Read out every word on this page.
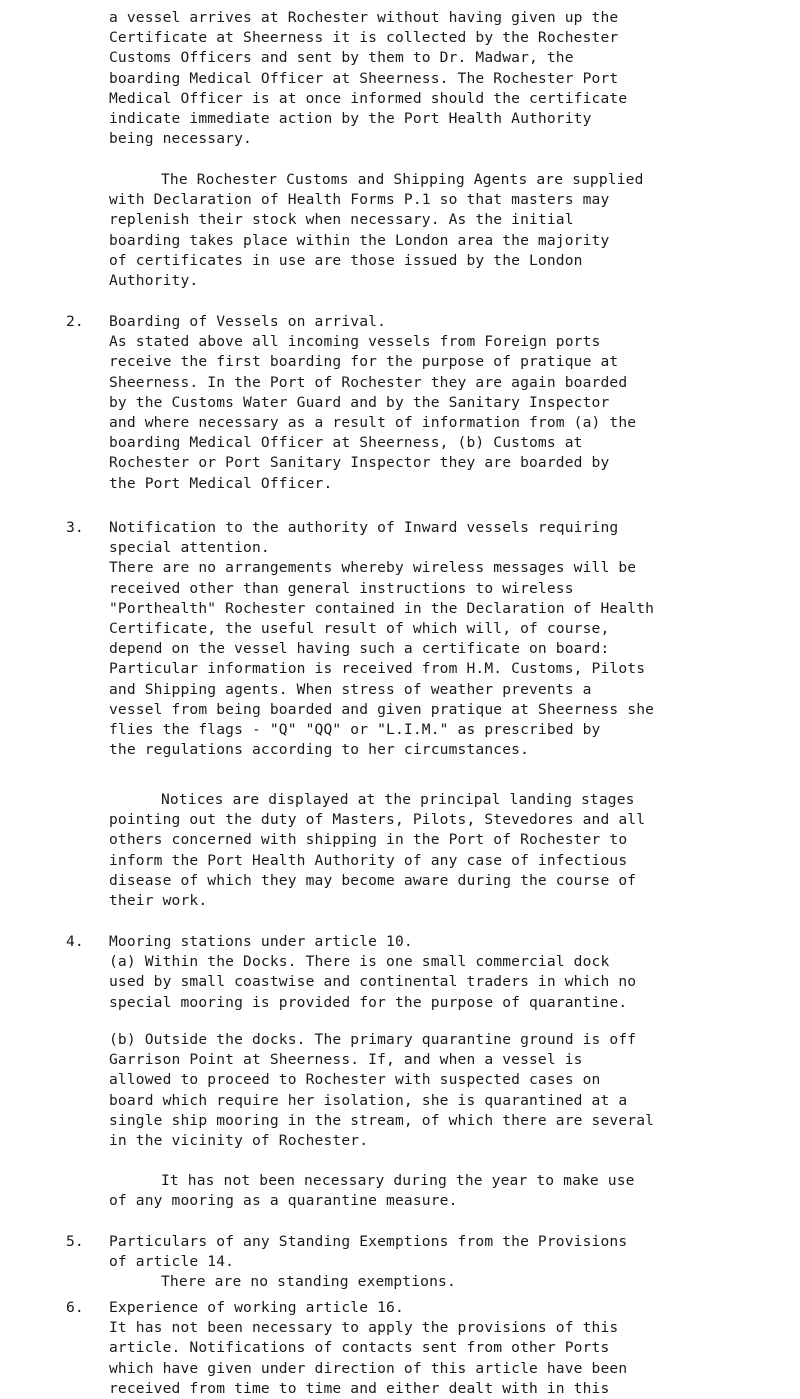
a vessel arrives at Rochester without having given up the
Certificate at Sheerness it is collected by the Rochester
Customs Officers and sent by them to Dr. Madwar, the
boarding Medical Officer at Sheerness. The Rochester Port
Medical Officer is at once informed should the certificate
indicate immediate action by the Port Health Authority
being necessary.

The Rochester Customs and Shipping Agents are supplied
with Declaration of Health Forms P.1 so that masters may
replenish their stock when necessary. As the initial
boarding takes place within the London area the majority
of certificates in use are those issued by the London
Authority.

2.	Boarding of Vessels on arrival.
As stated above all incoming vessels from Foreign ports
receive the first boarding for the purpose of pratique at
Sheerness. In the Port of Rochester they are again boarded
by the Customs Water Guard and by the Sanitary Inspector
and where necessary as a result of information from (a) the
boarding Medical Officer at Sheerness, (b) Customs at
Rochester or Port Sanitary Inspector they are boarded by
the Port Medical Officer.

3.	Notification to the authority of Inward vessels requiring
special attention.
There are no arrangements whereby wireless messages will be
received other than general instructions to wireless
"Porthealth" Rochester contained in the Declaration of Health
Certificate, the useful result of which will, of course,
depend on the vessel having such a certificate on board:
Particular information is received from H.M. Customs, Pilots
and Shipping agents. When stress of weather prevents a
vessel from being boarded and given pratique at Sheerness she
flies the flags - "Q" "QQ" or "L.I.M." as prescribed by
the regulations according to her circumstances.

Notices are displayed at the principal landing stages
pointing out the duty of Masters, Pilots, Stevedores and all
others concerned with shipping in the Port of Rochester to
inform the Port Health Authority of any case of infectious
disease of which they may become aware during the course of
their work.

4.	Mooring stations under article 10.
(a) Within the Docks. There is one small commercial dock
used by small coastwise and continental traders in which no
special mooring is provided for the purpose of quarantine.

(b) Outside the docks. The primary quarantine ground is off
Garrison Point at Sheerness. If, and when a vessel is
allowed to proceed to Rochester with suspected cases on
board which require her isolation, she is quarantined at a
single ship mooring in the stream, of which there are several
in the vicinity of Rochester.

It has not been necessary during the year to make use
of any mooring as a quarantine measure.

5.	Particulars of any Standing Exemptions from the Provisions
of article 14.
There are no standing exemptions.

6.	Experience of working article 16.
It has not been necessary to apply the provisions of this
article. Notifications of contacts sent from other Ports
which have given under direction of this article have been
received from time to time and either dealt with in this
